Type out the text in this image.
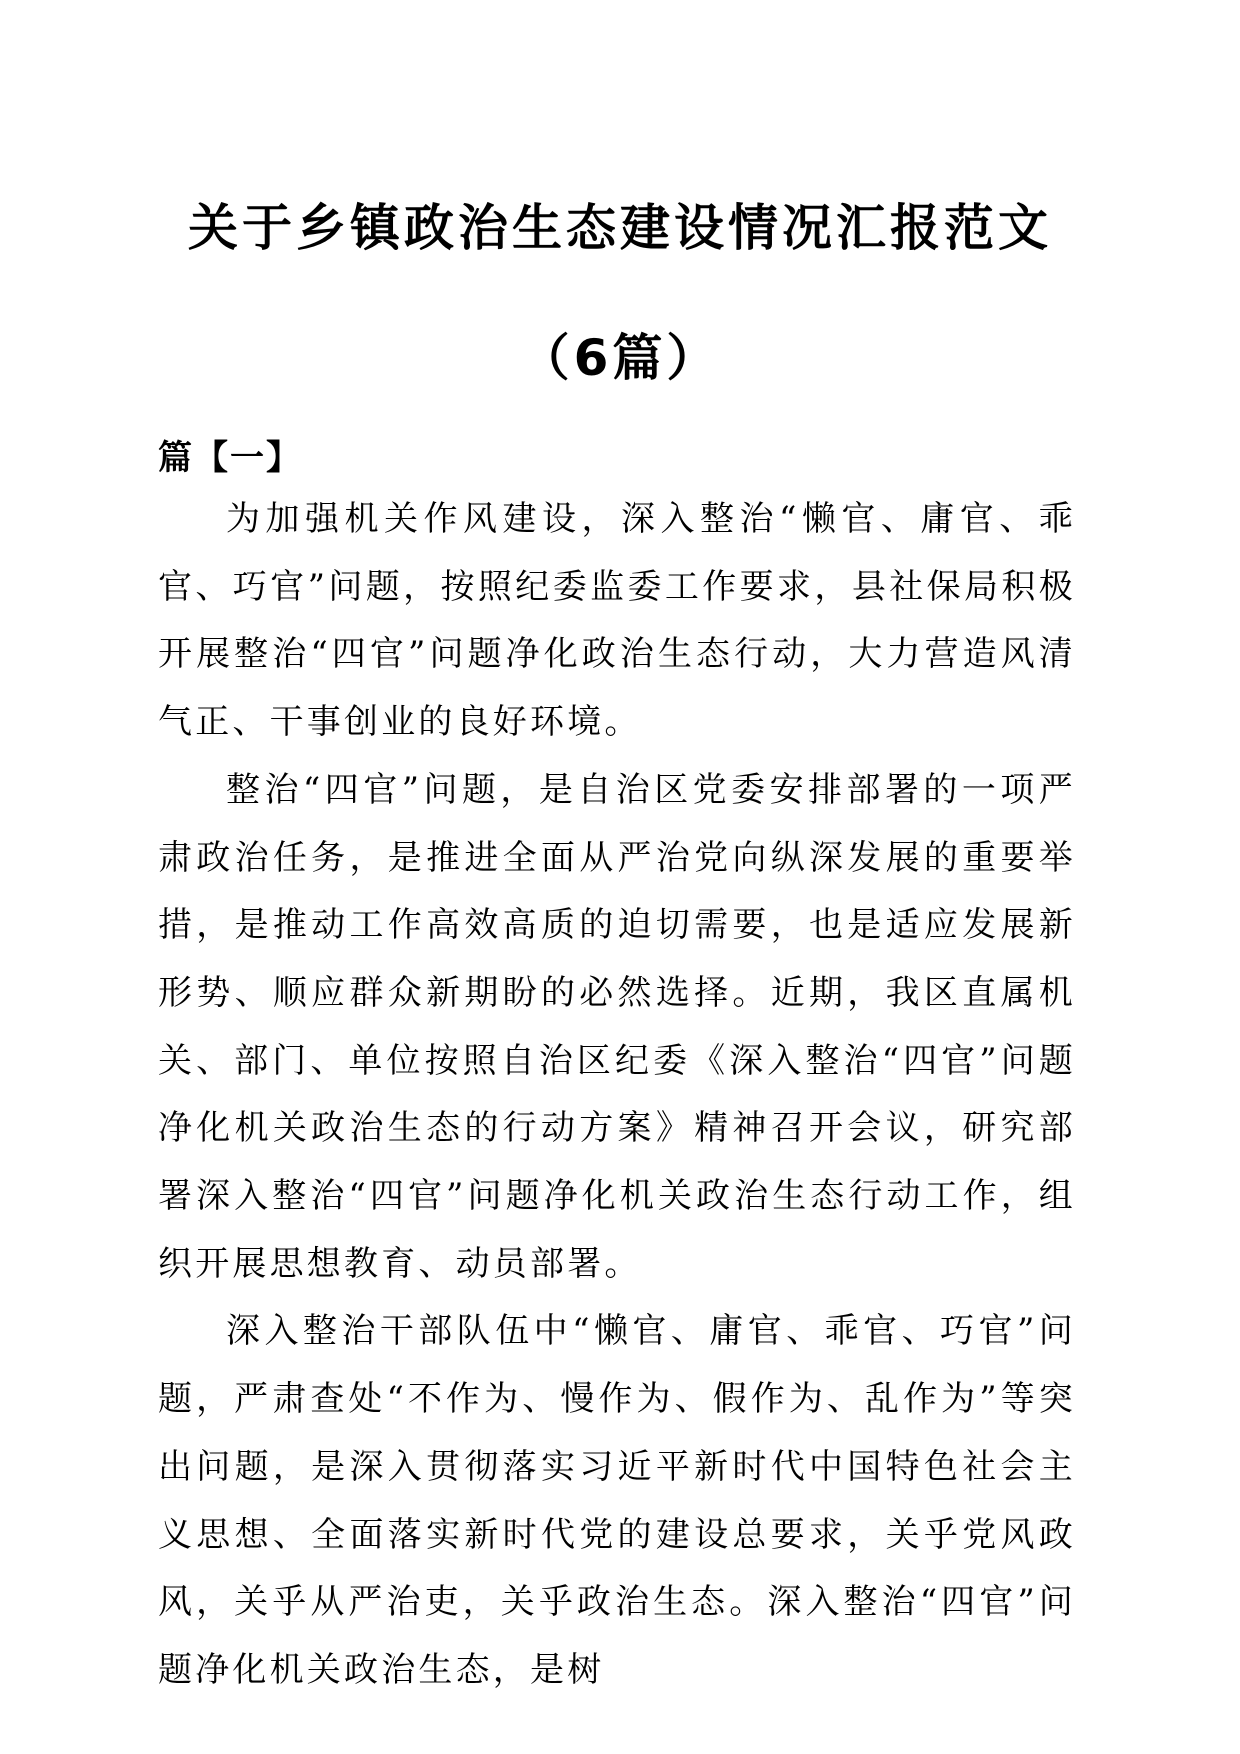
关于乡镇政治生态建设情况汇报范文
（6篇）
篇【一】

为加强机关作风建设，深入整治“懒官、庸官、乖官、巧官”问题，按照纪委监委工作要求，县社保局积极开展整治“四官”问题净化政治生态行动，大力营造风清气正、干事创业的良好环境。

整治“四官”问题，是自治区党委安排部署的一项严肃政治任务，是推进全面从严治党向纵深发展的重要举措，是推动工作高效高质的迫切需要，也是适应发展新形势、顺应群众新期盼的必然选择。近期，我区直属机关、部门、单位按照自治区纪委《深入整治“四官”问题净化机关政治生态的行动方案》精神召开会议，研究部署深入整治“四官”问题净化机关政治生态行动工作，组织开展思想教育、动员部署。

深入整治干部队伍中“懒官、庸官、乖官、巧官”问题，严肃查处“不作为、慢作为、假作为、乱作为”等突出问题，是深入贯彻落实习近平新时代中国特色社会主义思想、全面落实新时代党的建设总要求，关乎党风政风，关乎从严治吏，关乎政治生态。深入整治“四官”问题净化机关政治生态，是树
